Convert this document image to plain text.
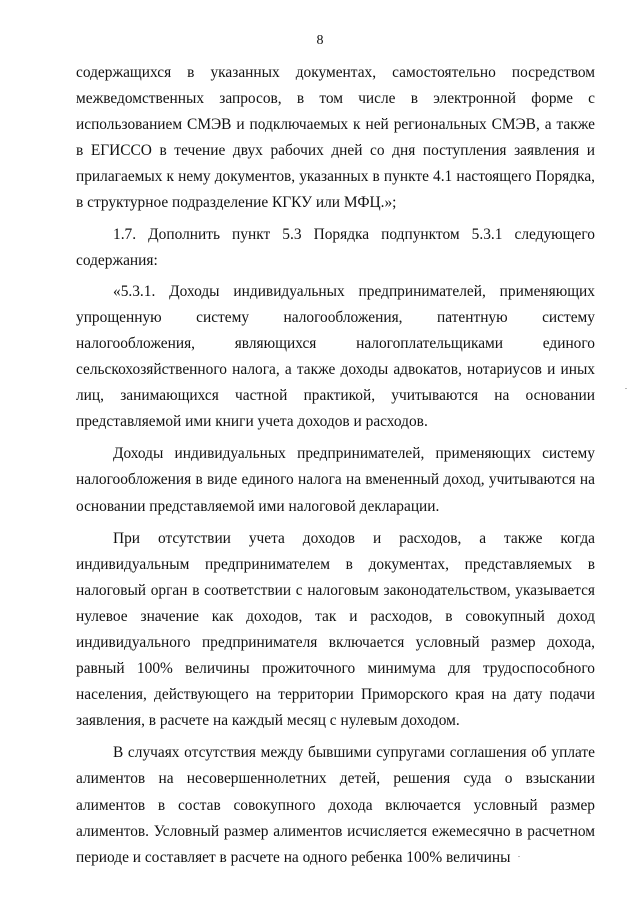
8

содержащихся в указанных документах, самостоятельно посредством межведомственных запросов, в том числе в электронной форме с использованием СМЭВ и подключаемых к ней региональных СМЭВ, а также в ЕГИССО в течение двух рабочих дней со дня поступления заявления и прилагаемых к нему документов, указанных в пункте 4.1 настоящего Порядка, в структурное подразделение КГКУ или МФЦ.»;

1.7. Дополнить пункт 5.3 Порядка подпунктом 5.3.1 следующего содержания:

«5.3.1. Доходы индивидуальных предпринимателей, применяющих упрощенную систему налогообложения, патентную систему налогообложения, являющихся налогоплательщиками единого сельскохозяйственного налога, а также доходы адвокатов, нотариусов и иных лиц, занимающихся частной практикой, учитываются на основании представляемой ими книги учета доходов и расходов.

Доходы индивидуальных предпринимателей, применяющих систему налогообложения в виде единого налога на вмененный доход, учитываются на основании представляемой ими налоговой декларации.

При отсутствии учета доходов и расходов, а также когда индивидуальным предпринимателем в документах, представляемых в налоговый орган в соответствии с налоговым законодательством, указывается нулевое значение как доходов, так и расходов, в совокупный доход индивидуального предпринимателя включается условный размер дохода, равный 100% величины прожиточного минимума для трудоспособного населения, действующего на территории Приморского края на дату подачи заявления, в расчете на каждый месяц с нулевым доходом.

В случаях отсутствия между бывшими супругами соглашения об уплате алиментов на несовершеннолетних детей, решения суда о взыскании алиментов в состав совокупного дохода включается условный размер алиментов. Условный размер алиментов исчисляется ежемесячно в расчетном периоде и составляет в расчете на одного ребенка 100% величины
